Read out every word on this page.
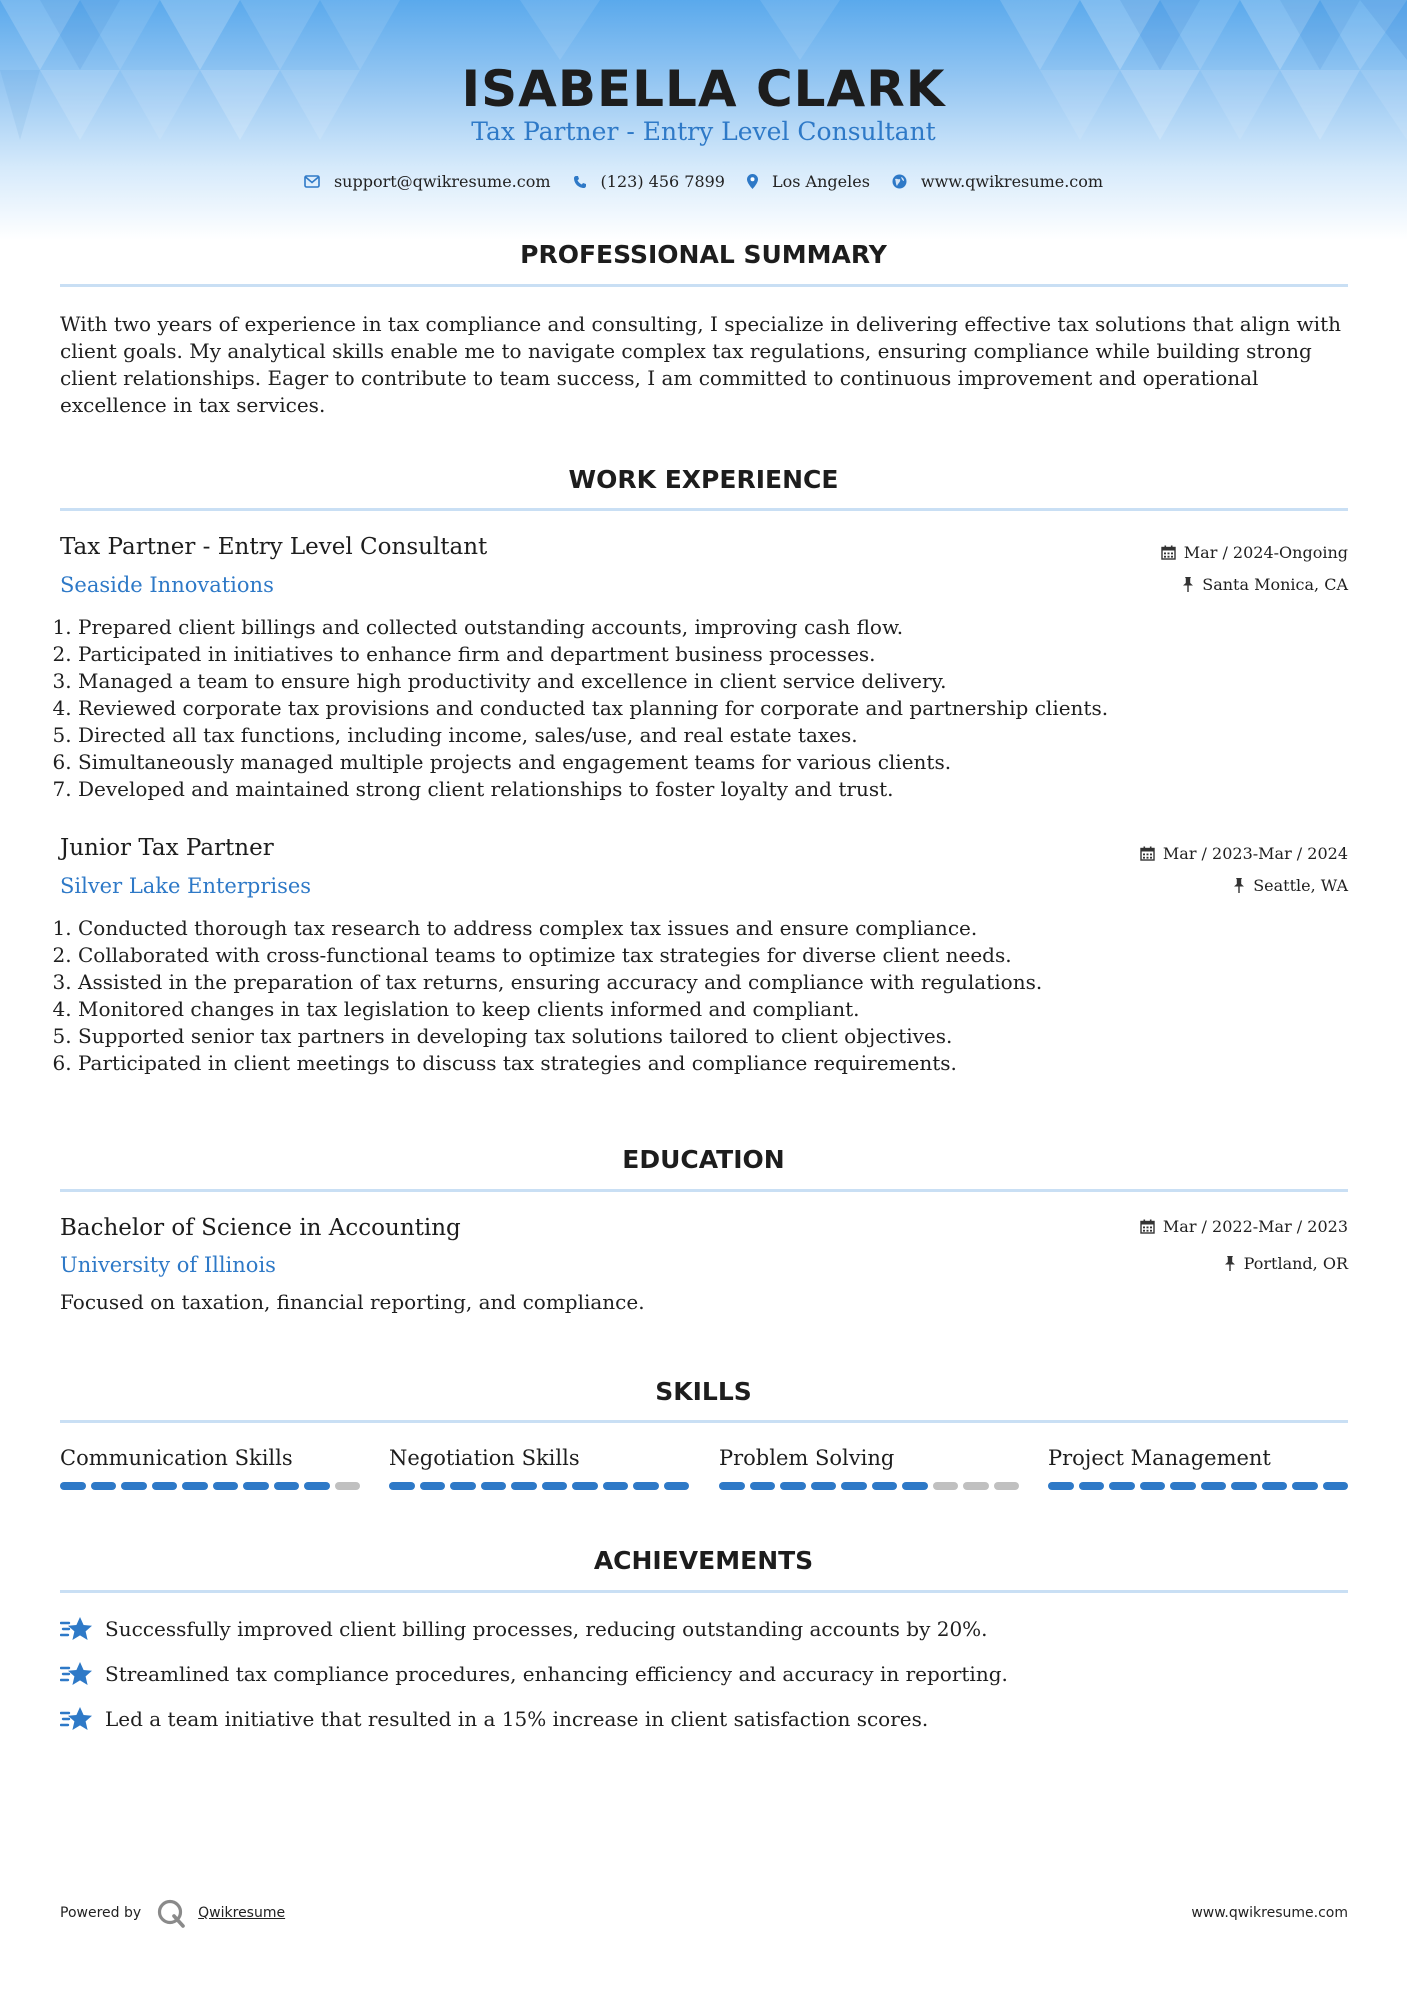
ISABELLA CLARK
Tax Partner - Entry Level Consultant
support@qwikresume.com	(123) 456 7899	Los Angeles	www.qwikresume.com
PROFESSIONAL SUMMARY
With two years of experience in tax compliance and consulting, I specialize in delivering effective tax solutions that align with client goals. My analytical skills enable me to navigate complex tax regulations, ensuring compliance while building strong client relationships. Eager to contribute to team success, I am committed to continuous improvement and operational excellence in tax services.
WORK EXPERIENCE
Tax Partner - Entry Level Consultant
Seaside Innovations
Mar / 2024-Ongoing
Santa Monica, CA
1. Prepared client billings and collected outstanding accounts, improving cash flow.
2. Participated in initiatives to enhance firm and department business processes.
3. Managed a team to ensure high productivity and excellence in client service delivery.
4. Reviewed corporate tax provisions and conducted tax planning for corporate and partnership clients.
5. Directed all tax functions, including income, sales/use, and real estate taxes.
6. Simultaneously managed multiple projects and engagement teams for various clients.
7. Developed and maintained strong client relationships to foster loyalty and trust.
Junior Tax Partner
Silver Lake Enterprises
Mar / 2023-Mar / 2024
Seattle, WA
1. Conducted thorough tax research to address complex tax issues and ensure compliance.
2. Collaborated with cross-functional teams to optimize tax strategies for diverse client needs.
3. Assisted in the preparation of tax returns, ensuring accuracy and compliance with regulations.
4. Monitored changes in tax legislation to keep clients informed and compliant.
5. Supported senior tax partners in developing tax solutions tailored to client objectives.
6. Participated in client meetings to discuss tax strategies and compliance requirements.
EDUCATION
Bachelor of Science in Accounting
University of Illinois
Mar / 2022-Mar / 2023
Portland, OR
Focused on taxation, financial reporting, and compliance.
SKILLS
Communication Skills	Negotiation Skills	Problem Solving	Project Management
ACHIEVEMENTS
Successfully improved client billing processes, reducing outstanding accounts by 20%.
Streamlined tax compliance procedures, enhancing efficiency and accuracy in reporting.
Led a team initiative that resulted in a 15% increase in client satisfaction scores.
Powered by	Qwikresume	www.qwikresume.com
